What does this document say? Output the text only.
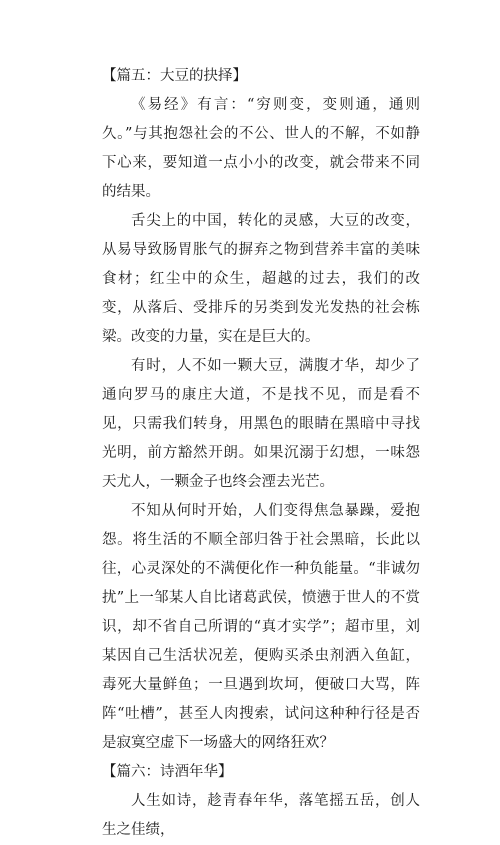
【篇五：大豆的抉择】

《易经》有言：“穷则变，变则通，通则久。”与其抱怨社会的不公、世人的不解，不如静下心来，要知道一点小小的改变，就会带来不同的结果。

舌尖上的中国，转化的灵感，大豆的改变，从易导致肠胃胀气的摒弃之物到营养丰富的美味食材；红尘中的众生，超越的过去，我们的改变，从落后、受排斥的另类到发光发热的社会栋梁。改变的力量，实在是巨大的。

有时，人不如一颗大豆，满腹才华，却少了通向罗马的康庄大道，不是找不见，而是看不见，只需我们转身，用黑色的眼睛在黑暗中寻找光明，前方豁然开朗。如果沉溺于幻想，一味怨天尤人，一颗金子也终会湮去光芒。

不知从何时开始，人们变得焦急暴躁，爱抱怨。将生活的不顺全部归咎于社会黑暗，长此以往，心灵深处的不满便化作一种负能量。“非诚勿扰”上一邹某人自比诸葛武侯，愤懑于世人的不赏识，却不省自己所谓的“真才实学”；超市里，刘某因自己生活状况差，便购买杀虫剂洒入鱼缸，毒死大量鲜鱼；一旦遇到坎坷，便破口大骂，阵阵“吐槽”，甚至人肉搜索，试问这种种行径是否是寂寞空虚下一场盛大的网络狂欢？

【篇六：诗酒年华】

人生如诗，趁青春年华，落笔摇五岳，创人生之佳绩，
